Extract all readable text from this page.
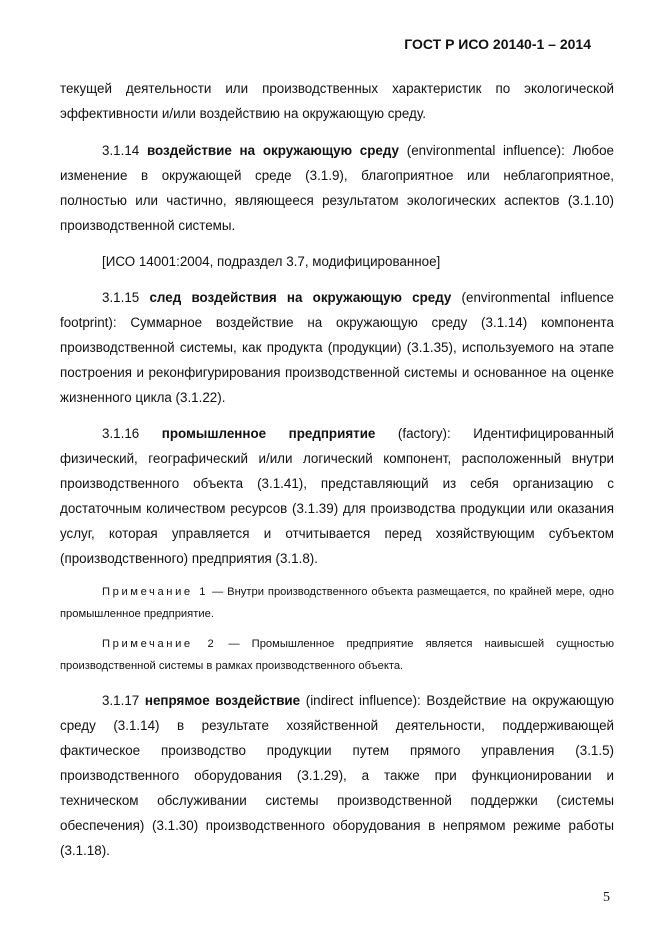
ГОСТ Р ИСО 20140-1 – 2014

текущей деятельности или производственных характеристик по экологической эффективности и/или воздействию на окружающую среду.

3.1.14 воздействие на окружающую среду (environmental influence): Любое изменение в окружающей среде (3.1.9), благоприятное или неблагоприятное, полностью или частично, являющееся результатом экологических аспектов (3.1.10) производственной системы.

[ИСО 14001:2004, подраздел 3.7, модифицированное]

3.1.15 след воздействия на окружающую среду (environmental influence footprint): Суммарное воздействие на окружающую среду (3.1.14) компонента производственной системы, как продукта (продукции) (3.1.35), используемого на этапе построения и реконфигурирования производственной системы и основанное на оценке жизненного цикла (3.1.22).

3.1.16 промышленное предприятие (factory): Идентифицированный физический, географический и/или логический компонент, расположенный внутри производственного объекта (3.1.41), представляющий из себя организацию с достаточным количеством ресурсов (3.1.39) для производства продукции или оказания услуг, которая управляется и отчитывается перед хозяйствующим субъектом (производственного) предприятия (3.1.8).

Примечание 1 — Внутри производственного объекта размещается, по крайней мере, одно промышленное предприятие.

Примечание 2 — Промышленное предприятие является наивысшей сущностью производственной системы в рамках производственного объекта.

3.1.17 непрямое воздействие (indirect influence): Воздействие на окружающую среду (3.1.14) в результате хозяйственной деятельности, поддерживающей фактическое производство продукции путем прямого управления (3.1.5) производственного оборудования (3.1.29), а также при функционировании и техническом обслуживании системы производственной поддержки (системы обеспечения) (3.1.30) производственного оборудования в непрямом режиме работы (3.1.18).

5
